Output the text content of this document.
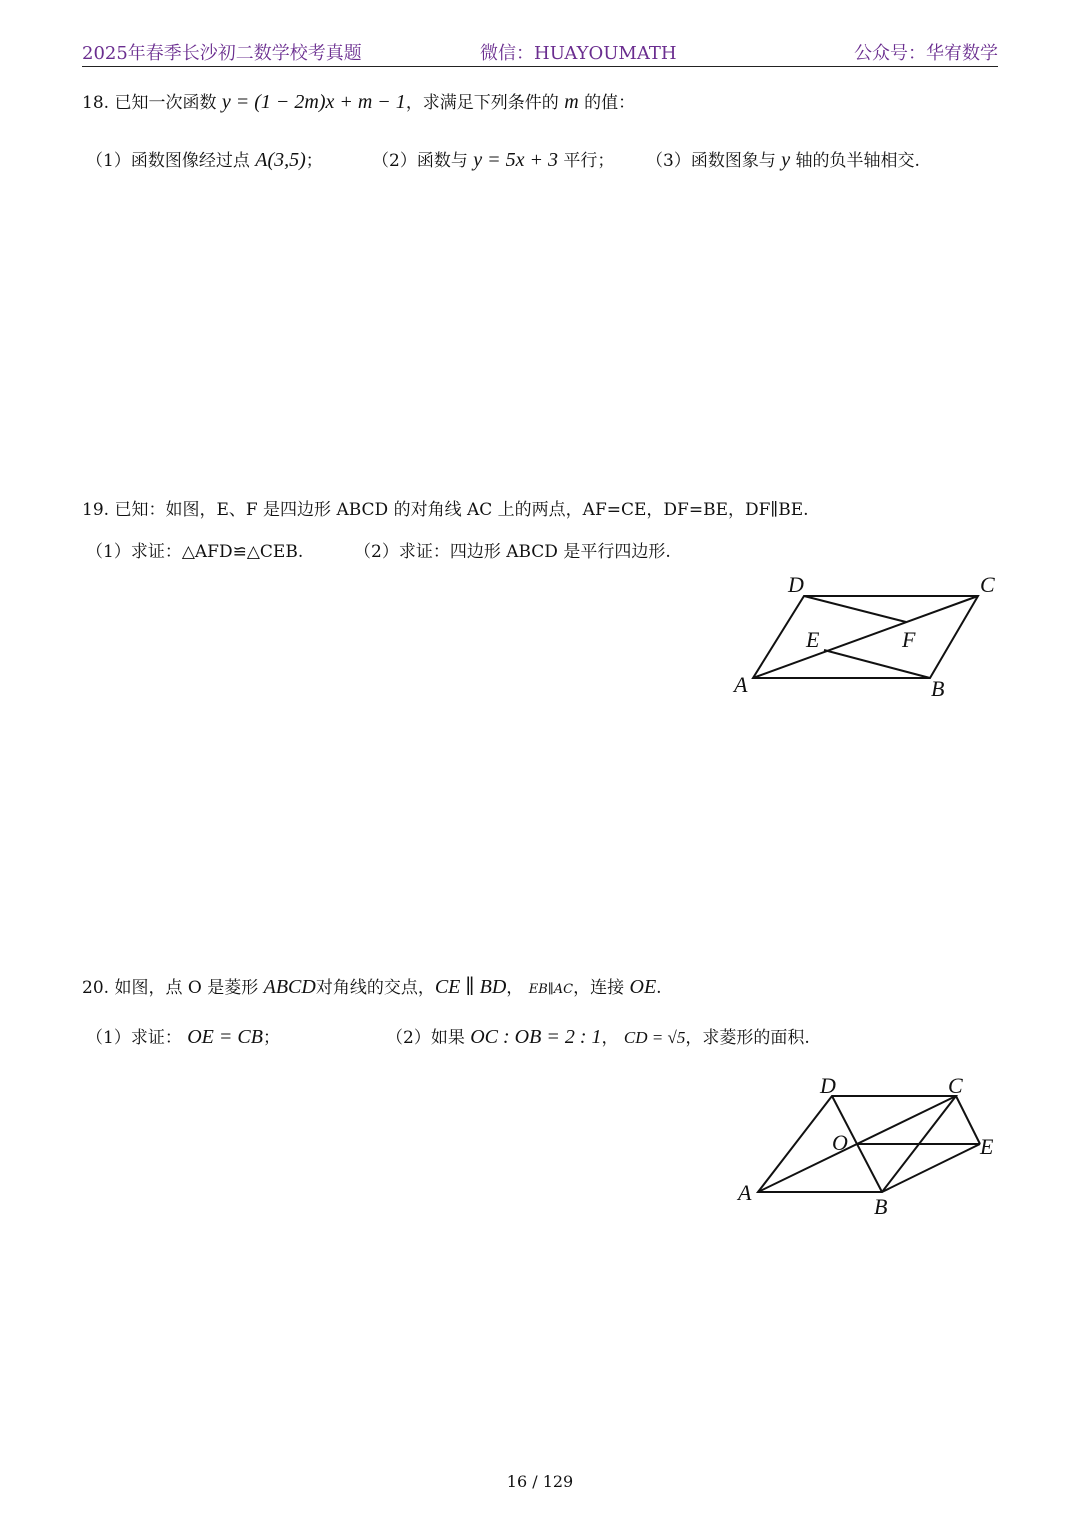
2025年春季长沙初二数学校考真题	微信：HUAYOUMATH	公众号：华宥数学
18. 已知一次函数 y = (1 − 2m)x + m − 1，求满足下列条件的 m 的值：
（1）函数图像经过点 A(3,5)；	（2）函数与 y = 5x + 3 平行； （3）函数图象与 y 轴的负半轴相交.
19. 已知：如图，E、F 是四边形 ABCD 的对角线 AC 上的两点，AF=CE，DF=BE，DF∥BE.
（1）求证：△AFD≌△CEB.	（2）求证：四边形 ABCD 是平行四边形.
D	C
E	F
A	B
20. 如图，点 O 是菱形 ABCD对角线的交点，CE ∥ BD， EB∥AC，连接 OE.
（1）求证： OE = CB；	（2）如果 OC : OB = 2 : 1， CD = √5，求菱形的面积.
D	C
O	E
A
B
16 / 129
